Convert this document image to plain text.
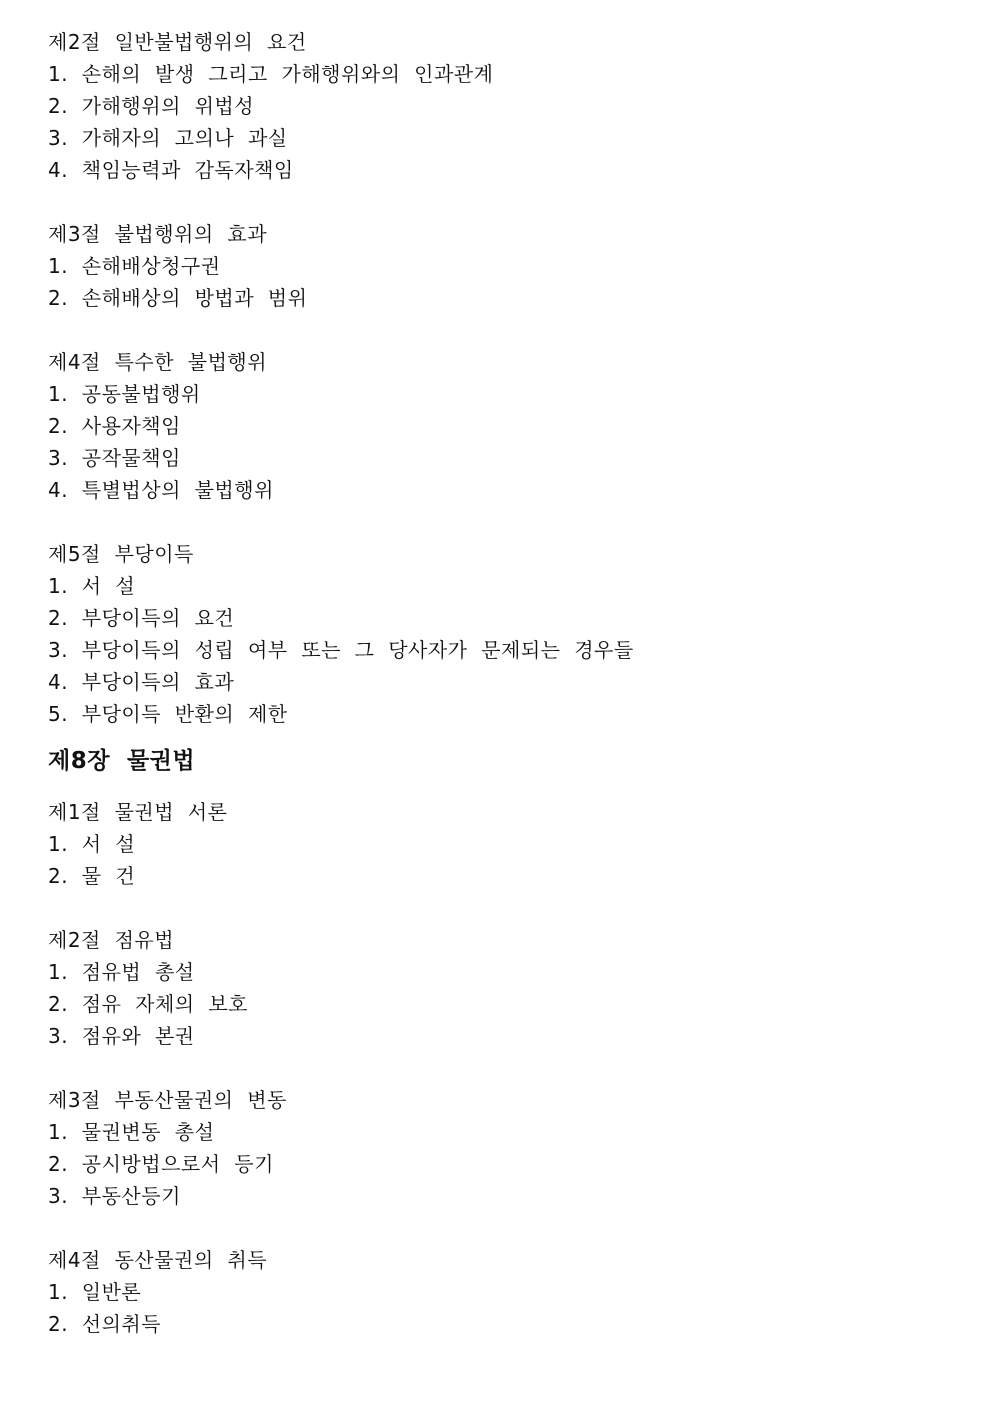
제2절  일반불법행위의  요건
1.  손해의  발생  그리고  가해행위와의  인과관계
2.  가해행위의  위법성
3.  가해자의  고의나  과실
4.  책임능력과  감독자책임
제3절  불법행위의  효과
1.  손해배상청구권
2.  손해배상의  방법과  범위
제4절  특수한  불법행위
1.  공동불법행위
2.  사용자책임
3.  공작물책임
4.  특별법상의  불법행위
제5절  부당이득
1.  서  설
2.  부당이득의  요건
3.  부당이득의  성립  여부  또는  그  당사자가  문제되는  경우들
4.  부당이득의  효과
5.  부당이득  반환의  제한
제8장  물권법
제1절  물권법  서론
1.  서  설
2.  물  건
제2절  점유법
1.  점유법  총설
2.  점유  자체의  보호
3.  점유와  본권
제3절  부동산물권의  변동
1.  물권변동  총설
2.  공시방법으로서  등기
3.  부동산등기
제4절  동산물권의  취득
1.  일반론
2.  선의취득
